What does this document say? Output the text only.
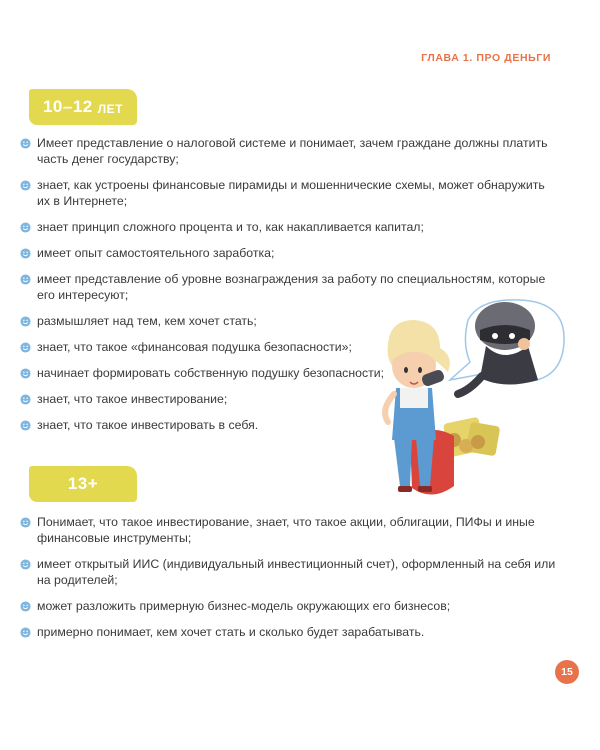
ГЛАВА 1. ПРО ДЕНЬГИ
10–12 ЛЕТ
Имеет представление о налоговой системе и понимает, зачем граждане должны платить часть денег государству;
знает, как устроены финансовые пирамиды и мошеннические схемы, может обнаружить их в Интернете;
знает принцип сложного процента и то, как накапливается капитал;
имеет опыт самостоятельного заработка;
имеет представление об уровне вознаграждения за работу по специальностям, которые его интересуют;
размышляет над тем, кем хочет стать;
знает, что такое «финансовая подушка безопасности»;
начинает формировать собственную подушку безопасности;
знает, что такое инвестирование;
знает, что такое инвестировать в себя.
13+
Понимает, что такое инвестирование, знает, что такое акции, облигации, ПИФы и иные финансовые инструменты;
имеет открытый ИИС (индивидуальный инвестиционный счет), оформленный на себя или на родителей;
может разложить примерную бизнес-модель окружающих его бизнесов;
примерно понимает, кем хочет стать и сколько будет зарабатывать.
15
